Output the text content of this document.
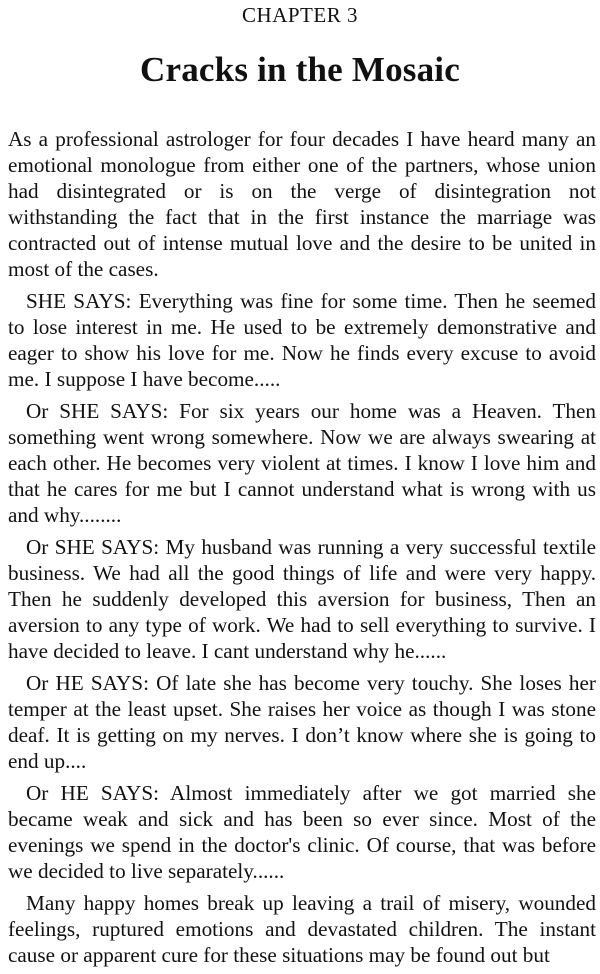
CHAPTER 3
Cracks in the Mosaic

As a professional astrologer for four decades I have heard many an emotional monologue from either one of the partners, whose union had disintegrated or is on the verge of disintegration not withstanding the fact that in the first instance the marriage was contracted out of intense mutual love and the desire to be united in most of the cases.

SHE SAYS: Everything was fine for some time. Then he seemed to lose interest in me. He used to be extremely demonstrative and eager to show his love for me. Now he finds every excuse to avoid me. I suppose I have become.....

Or SHE SAYS: For six years our home was a Heaven. Then something went wrong somewhere. Now we are always swearing at each other. He becomes very violent at times. I know I love him and that he cares for me but I cannot understand what is wrong with us and why........

Or SHE SAYS: My husband was running a very successful textile business. We had all the good things of life and were very happy. Then he suddenly developed this aversion for business, Then an aversion to any type of work. We had to sell everything to survive. I have decided to leave. I cant understand why he......

Or HE SAYS: Of late she has become very touchy. She loses her temper at the least upset. She raises her voice as though I was stone deaf. It is getting on my nerves. I don’t know where she is going to end up....

Or HE SAYS: Almost immediately after we got married she became weak and sick and has been so ever since. Most of the evenings we spend in the doctor's clinic. Of course, that was before we decided to live separately......

Many happy homes break up leaving a trail of misery, wounded feelings, ruptured emotions and devastated children. The instant cause or apparent cure for these situations may be found out but
